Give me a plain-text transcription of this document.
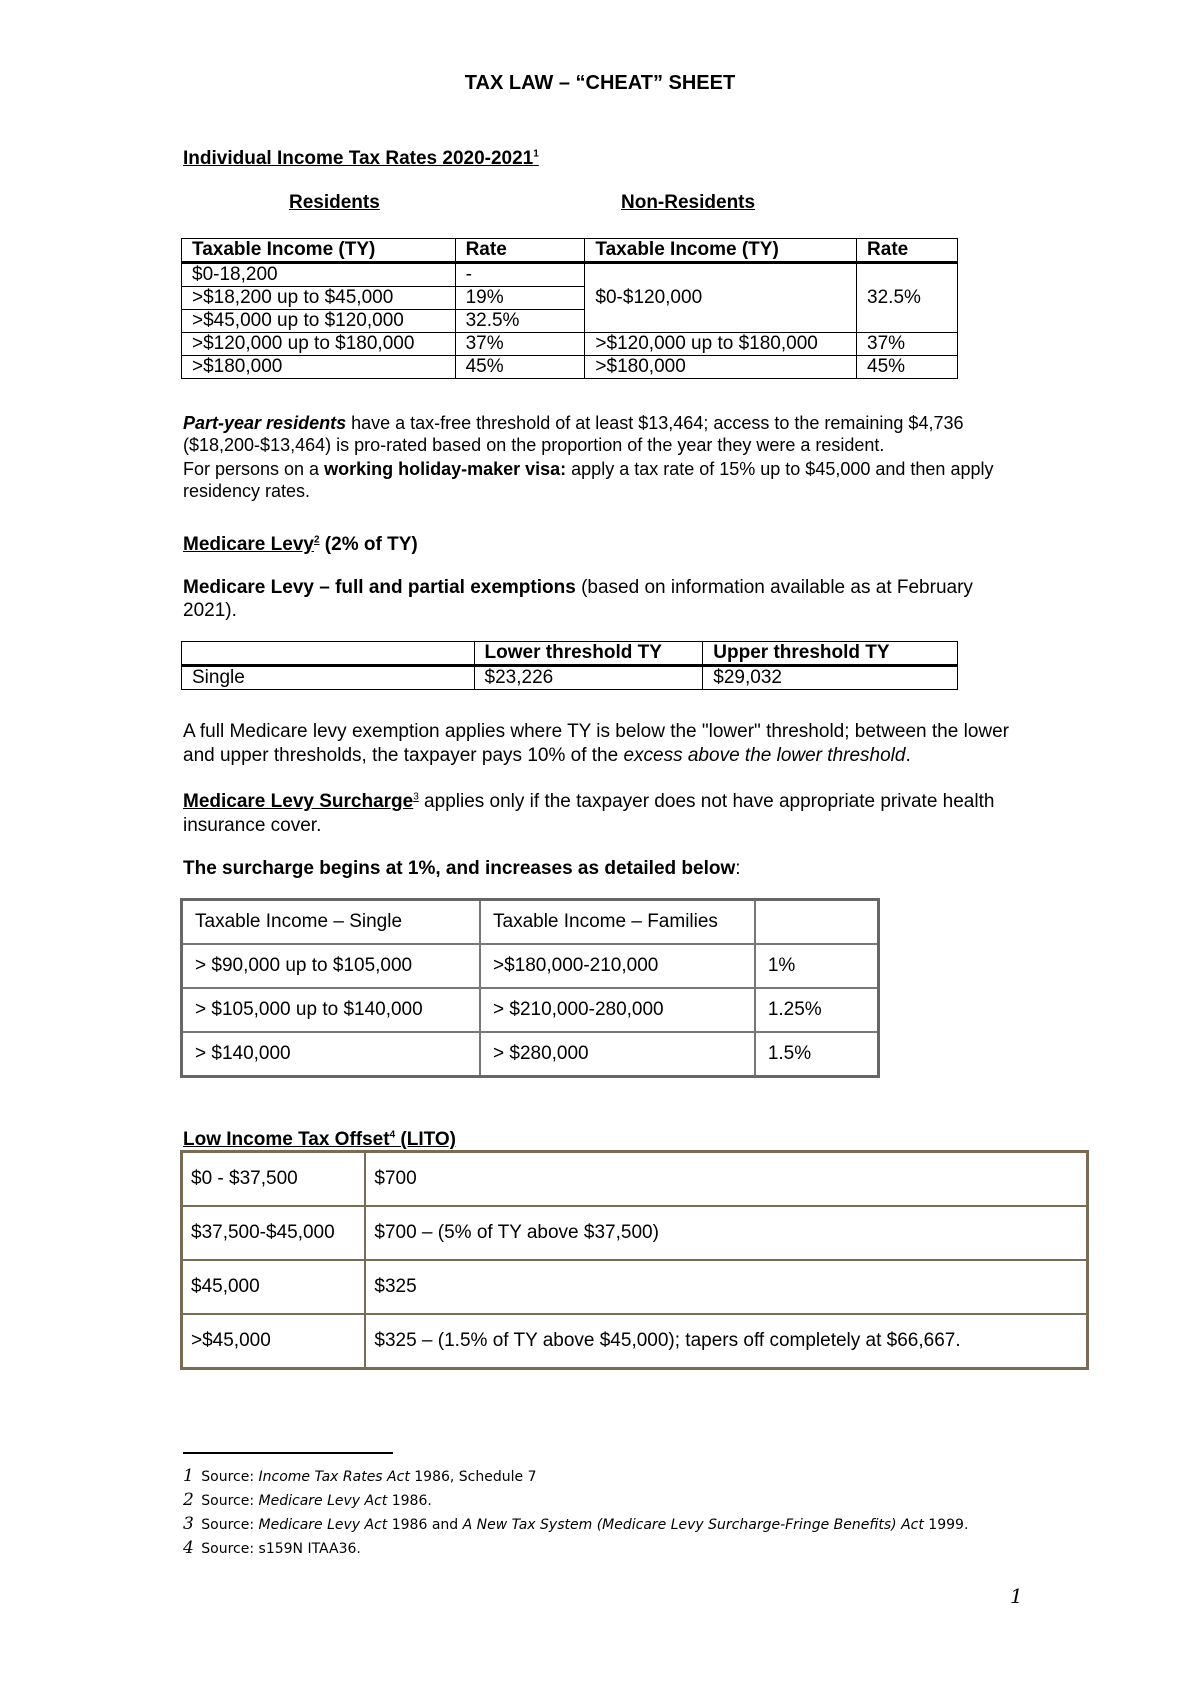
TAX LAW – “CHEAT” SHEET
Individual Income Tax Rates 2020-2021$^1$
Residents	Non-Residents
Taxable Income (TY)	Rate	Taxable Income (TY)	Rate
$0-18,200	-	$0-$120,000	32.5%
>$18,200 up to $45,000	19%		
>$45,000 up to $120,000	32.5%		
>$120,000 up to $180,000	37%	>$120,000 up to $180,000	37%
>$180,000	45%	>$180,000	45%
Part-year residents have a tax-free threshold of at least $13,464; access to the remaining $4,736 ($18,200-$13,464) is pro-rated based on the proportion of the year they were a resident.
For persons on a working holiday-maker visa: apply a tax rate of 15% up to $45,000 and then apply residency rates.
Medicare Levy$^2$ (2% of TY)
Medicare Levy – full and partial exemptions (based on information available as at February 2021).
	Lower threshold TY	Upper threshold TY
Single	$23,226	$29,032
A full Medicare levy exemption applies where TY is below the "lower" threshold; between the lower and upper thresholds, the taxpayer pays 10% of the excess above the lower threshold.
Medicare Levy Surcharge$^3$ applies only if the taxpayer does not have appropriate private health insurance cover.
The surcharge begins at 1%, and increases as detailed below:
Taxable Income – Single	Taxable Income – Families	
> $90,000 up to $105,000	>$180,000-210,000	1%
> $105,000 up to $140,000	> $210,000-280,000	1.25%
> $140,000	> $280,000	1.5%
Low Income Tax Offset$^4$ (LITO)
$0 - $37,500	$700
$37,500-$45,000	$700 – (5% of TY above $37,500)
$45,000	$325
>$45,000	$325 – (1.5% of TY above $45,000); tapers off completely at $66,667.
1 Source: Income Tax Rates Act 1986, Schedule 7
2 Source: Medicare Levy Act 1986.
3 Source: Medicare Levy Act 1986 and A New Tax System (Medicare Levy Surcharge-Fringe Benefits) Act 1999.
4 Source: s159N ITAA36.
1
